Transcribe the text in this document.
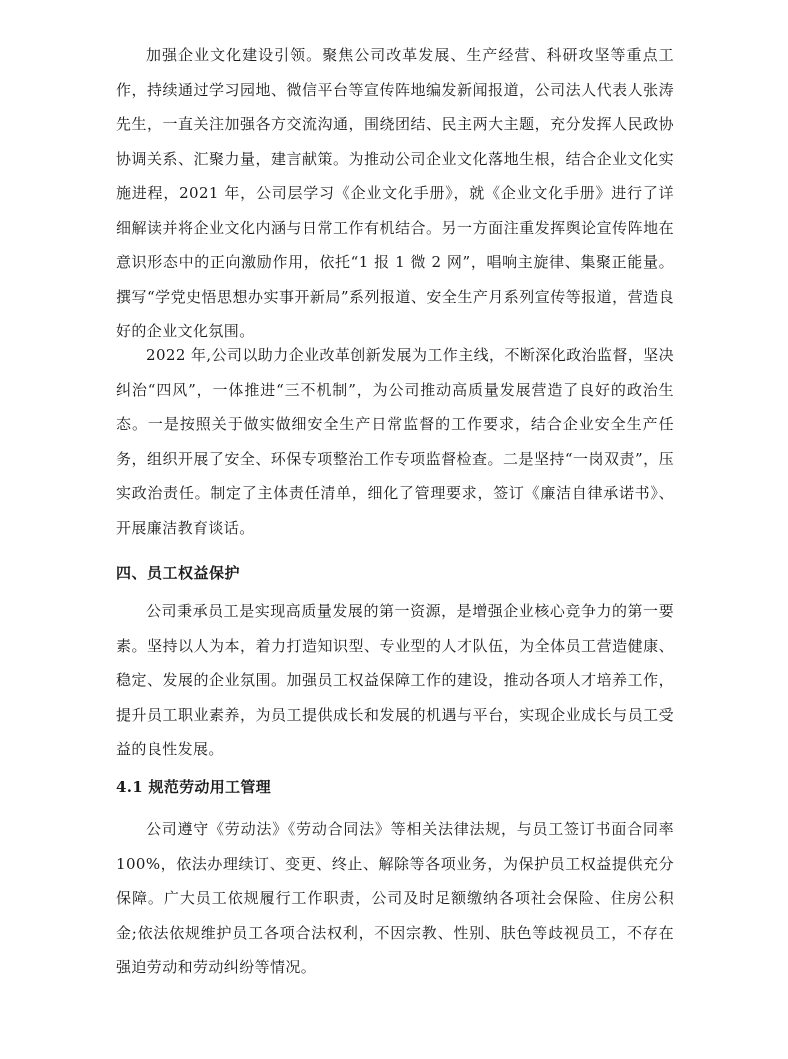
加强企业文化建设引领。聚焦公司改革发展、生产经营、科研攻坚等重点工作，持续通过学习园地、微信平台等宣传阵地编发新闻报道，公司法人代表人张涛先生，一直关注加强各方交流沟通，围绕团结、民主两大主题，充分发挥人民政协协调关系、汇聚力量，建言献策。为推动公司企业文化落地生根，结合企业文化实施进程，2021 年，公司层学习《企业文化手册》，就《企业文化手册》进行了详细解读并将企业文化内涵与日常工作有机结合。另一方面注重发挥舆论宣传阵地在意识形态中的正向激励作用，依托“1 报 1 微 2 网”，唱响主旋律、集聚正能量。撰写“学党史悟思想办实事开新局”系列报道、安全生产月系列宣传等报道，营造良好的企业文化氛围。

2022 年,公司以助力企业改革创新发展为工作主线，不断深化政治监督，坚决纠治“四风”，一体推进“三不机制”，为公司推动高质量发展营造了良好的政治生态。一是按照关于做实做细安全生产日常监督的工作要求，结合企业安全生产任务，组织开展了安全、环保专项整治工作专项监督检查。二是坚持“一岗双责”，压实政治责任。制定了主体责任清单，细化了管理要求，签订《廉洁自律承诺书》、开展廉洁教育谈话。

四、员工权益保护

公司秉承员工是实现高质量发展的第一资源，是增强企业核心竞争力的第一要素。坚持以人为本，着力打造知识型、专业型的人才队伍，为全体员工营造健康、稳定、发展的企业氛围。加强员工权益保障工作的建设，推动各项人才培养工作，提升员工职业素养，为员工提供成长和发展的机遇与平台，实现企业成长与员工受益的良性发展。

4.1 规范劳动用工管理

公司遵守《劳动法》《劳动合同法》等相关法律法规，与员工签订书面合同率 100%，依法办理续订、变更、终止、解除等各项业务，为保护员工权益提供充分保障。广大员工依规履行工作职责，公司及时足额缴纳各项社会保险、住房公积金;依法依规维护员工各项合法权利，不因宗教、性别、肤色等歧视员工，不存在强迫劳动和劳动纠纷等情况。
